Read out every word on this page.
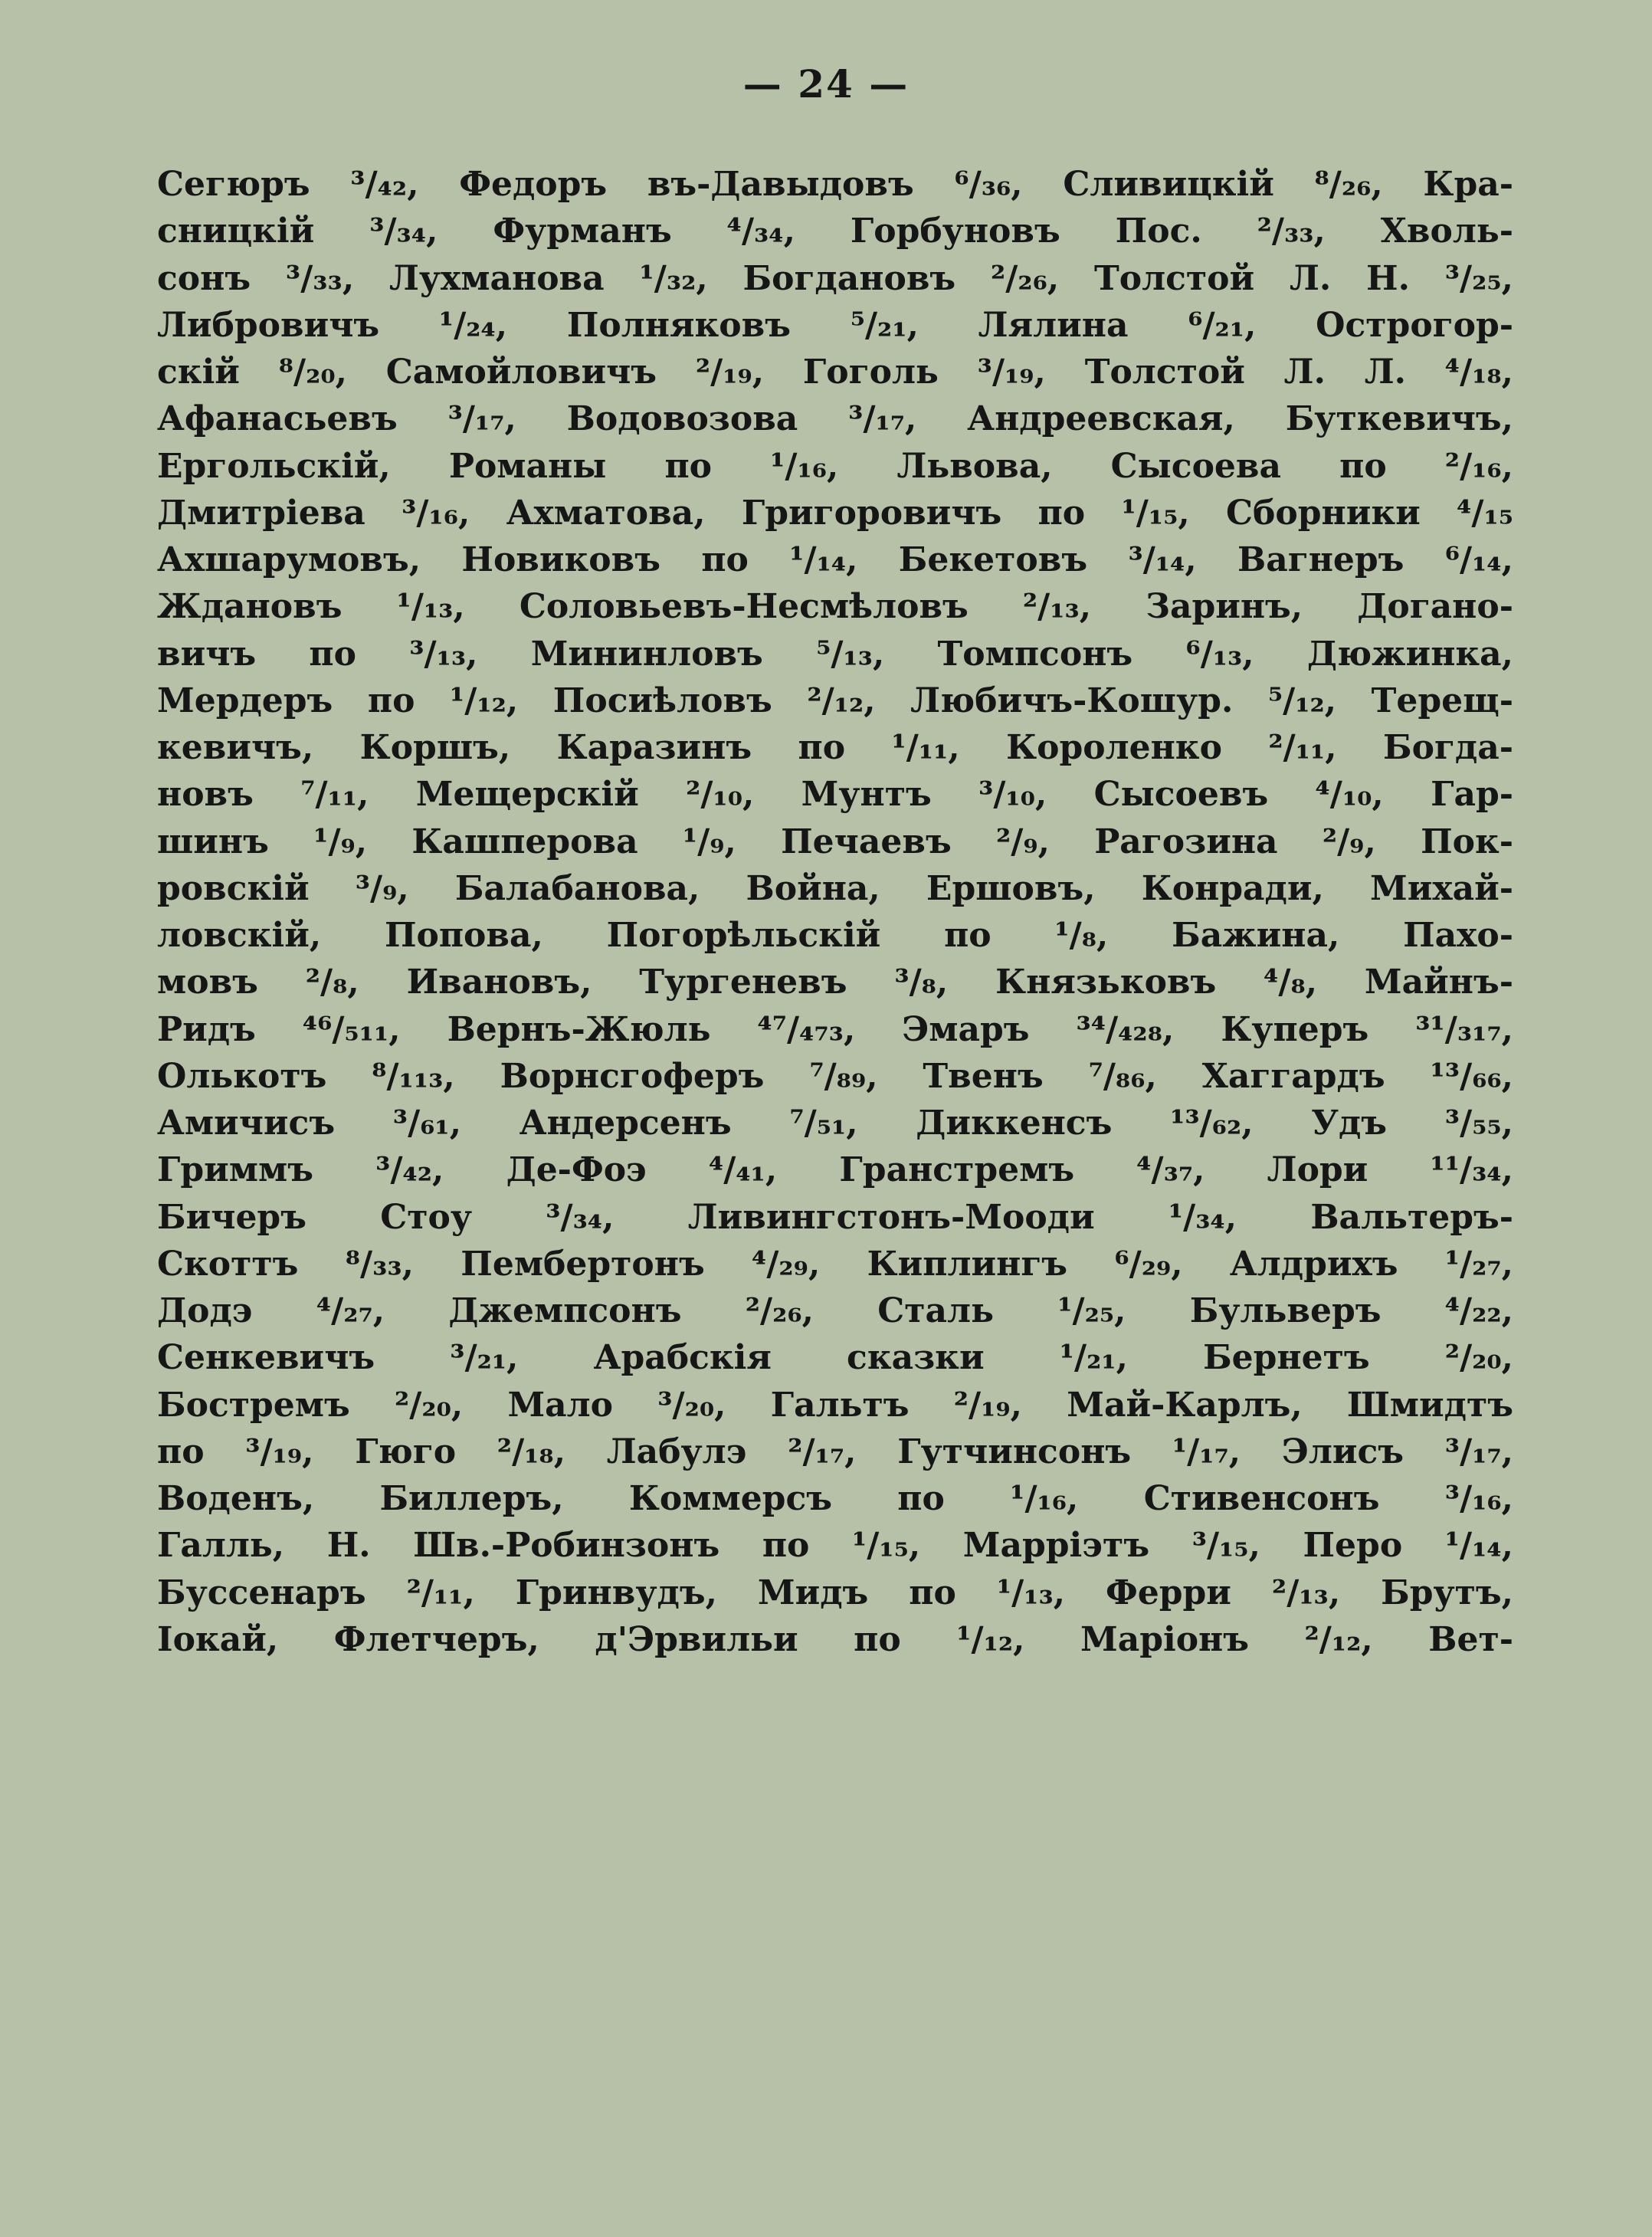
— 24 —
Сегюръ ³/₄₂, Федоръ въ-Давыдовъ ⁶/₃₆, Сливицкій ⁸/₂₆, Кра-
сницкій ³/₃₄, Фурманъ ⁴/₃₄, Горбуновъ Пос. ²/₃₃, Хволь-
сонъ ³/₃₃, Лухманова ¹/₃₂, Богдановъ ²/₂₆, Толстой Л. Н. ³/₂₅,
Либровичъ ¹/₂₄, Полняковъ ⁵/₂₁, Лялина ⁶/₂₁, Острогор-
скій ⁸/₂₀, Самойловичъ ²/₁₉, Гоголь ³/₁₉, Толстой Л. Л. ⁴/₁₈,
Афанасьевъ ³/₁₇, Водовозова ³/₁₇, Андреевская, Буткевичъ,
Ергольскій, Романы по ¹/₁₆, Львова, Сысоева по ²/₁₆,
Дмитріева ³/₁₆, Ахматова, Григоровичъ по ¹/₁₅, Сборники ⁴/₁₅
Ахшарумовъ, Новиковъ по ¹/₁₄, Бекетовъ ³/₁₄, Вагнеръ ⁶/₁₄,
Ждановъ ¹/₁₃, Соловьевъ-Несмѣловъ ²/₁₃, Заринъ, Догано-
вичъ по ³/₁₃, Мининловъ ⁵/₁₃, Томпсонъ ⁶/₁₃, Дюжинка,
Мердеръ по ¹/₁₂, Посиѣловъ ²/₁₂, Любичъ-Кошур. ⁵/₁₂, Терещ-
кевичъ, Коршъ, Каразинъ по ¹/₁₁, Короленко ²/₁₁, Богда-
новъ ⁷/₁₁, Мещерскій ²/₁₀, Мунтъ ³/₁₀, Сысоевъ ⁴/₁₀, Гар-
шинъ ¹/₉, Кашперова ¹/₉, Печаевъ ²/₉, Рагозина ²/₉, Пок-
ровскій ³/₉, Балабанова, Война, Ершовъ, Конради, Михай-
ловскій, Попова, Погорѣльскій по ¹/₈, Бажина, Пахо-
мовъ ²/₈, Ивановъ, Тургеневъ ³/₈, Князьковъ ⁴/₈, Майнъ-
Ридъ ⁴⁶/₅₁₁, Вернъ-Жюль ⁴⁷/₄₇₃, Эмаръ ³⁴/₄₂₈, Куперъ ³¹/₃₁₇,
Олькотъ ⁸/₁₁₃, Ворнсгоферъ ⁷/₈₉, Твенъ ⁷/₈₆, Хаггардъ ¹³/₆₆,
Амичисъ ³/₆₁, Андерсенъ ⁷/₅₁, Диккенсъ ¹³/₆₂, Удъ ³/₅₅,
Гриммъ ³/₄₂, Де-Фоэ ⁴/₄₁, Гранстремъ ⁴/₃₇, Лори ¹¹/₃₄,
Бичеръ Стоу ³/₃₄, Ливингстонъ-Мооди ¹/₃₄, Вальтеръ-
Скоттъ ⁸/₃₃, Пембертонъ ⁴/₂₉, Киплингъ ⁶/₂₉, Алдрихъ ¹/₂₇,
Додэ ⁴/₂₇, Джемпсонъ ²/₂₆, Сталь ¹/₂₅, Бульверъ ⁴/₂₂,
Сенкевичъ ³/₂₁, Арабскія сказки ¹/₂₁, Бернетъ ²/₂₀,
Бостремъ ²/₂₀, Мало ³/₂₀, Гальтъ ²/₁₉, Май-Карлъ, Шмидтъ
по ³/₁₉, Гюго ²/₁₈, Лабулэ ²/₁₇, Гутчинсонъ ¹/₁₇, Элисъ ³/₁₇,
Воденъ, Биллеръ, Коммерсъ по ¹/₁₆, Стивенсонъ ³/₁₆,
Галль, Н. Шв.-Робинзонъ по ¹/₁₅, Марріэтъ ³/₁₅, Перо ¹/₁₄,
Буссенаръ ²/₁₁, Гринвудъ, Мидъ по ¹/₁₃, Ферри ²/₁₃, Брутъ,
Іокай, Флетчеръ, д'Эрвильи по ¹/₁₂, Маріонъ ²/₁₂, Вет-
